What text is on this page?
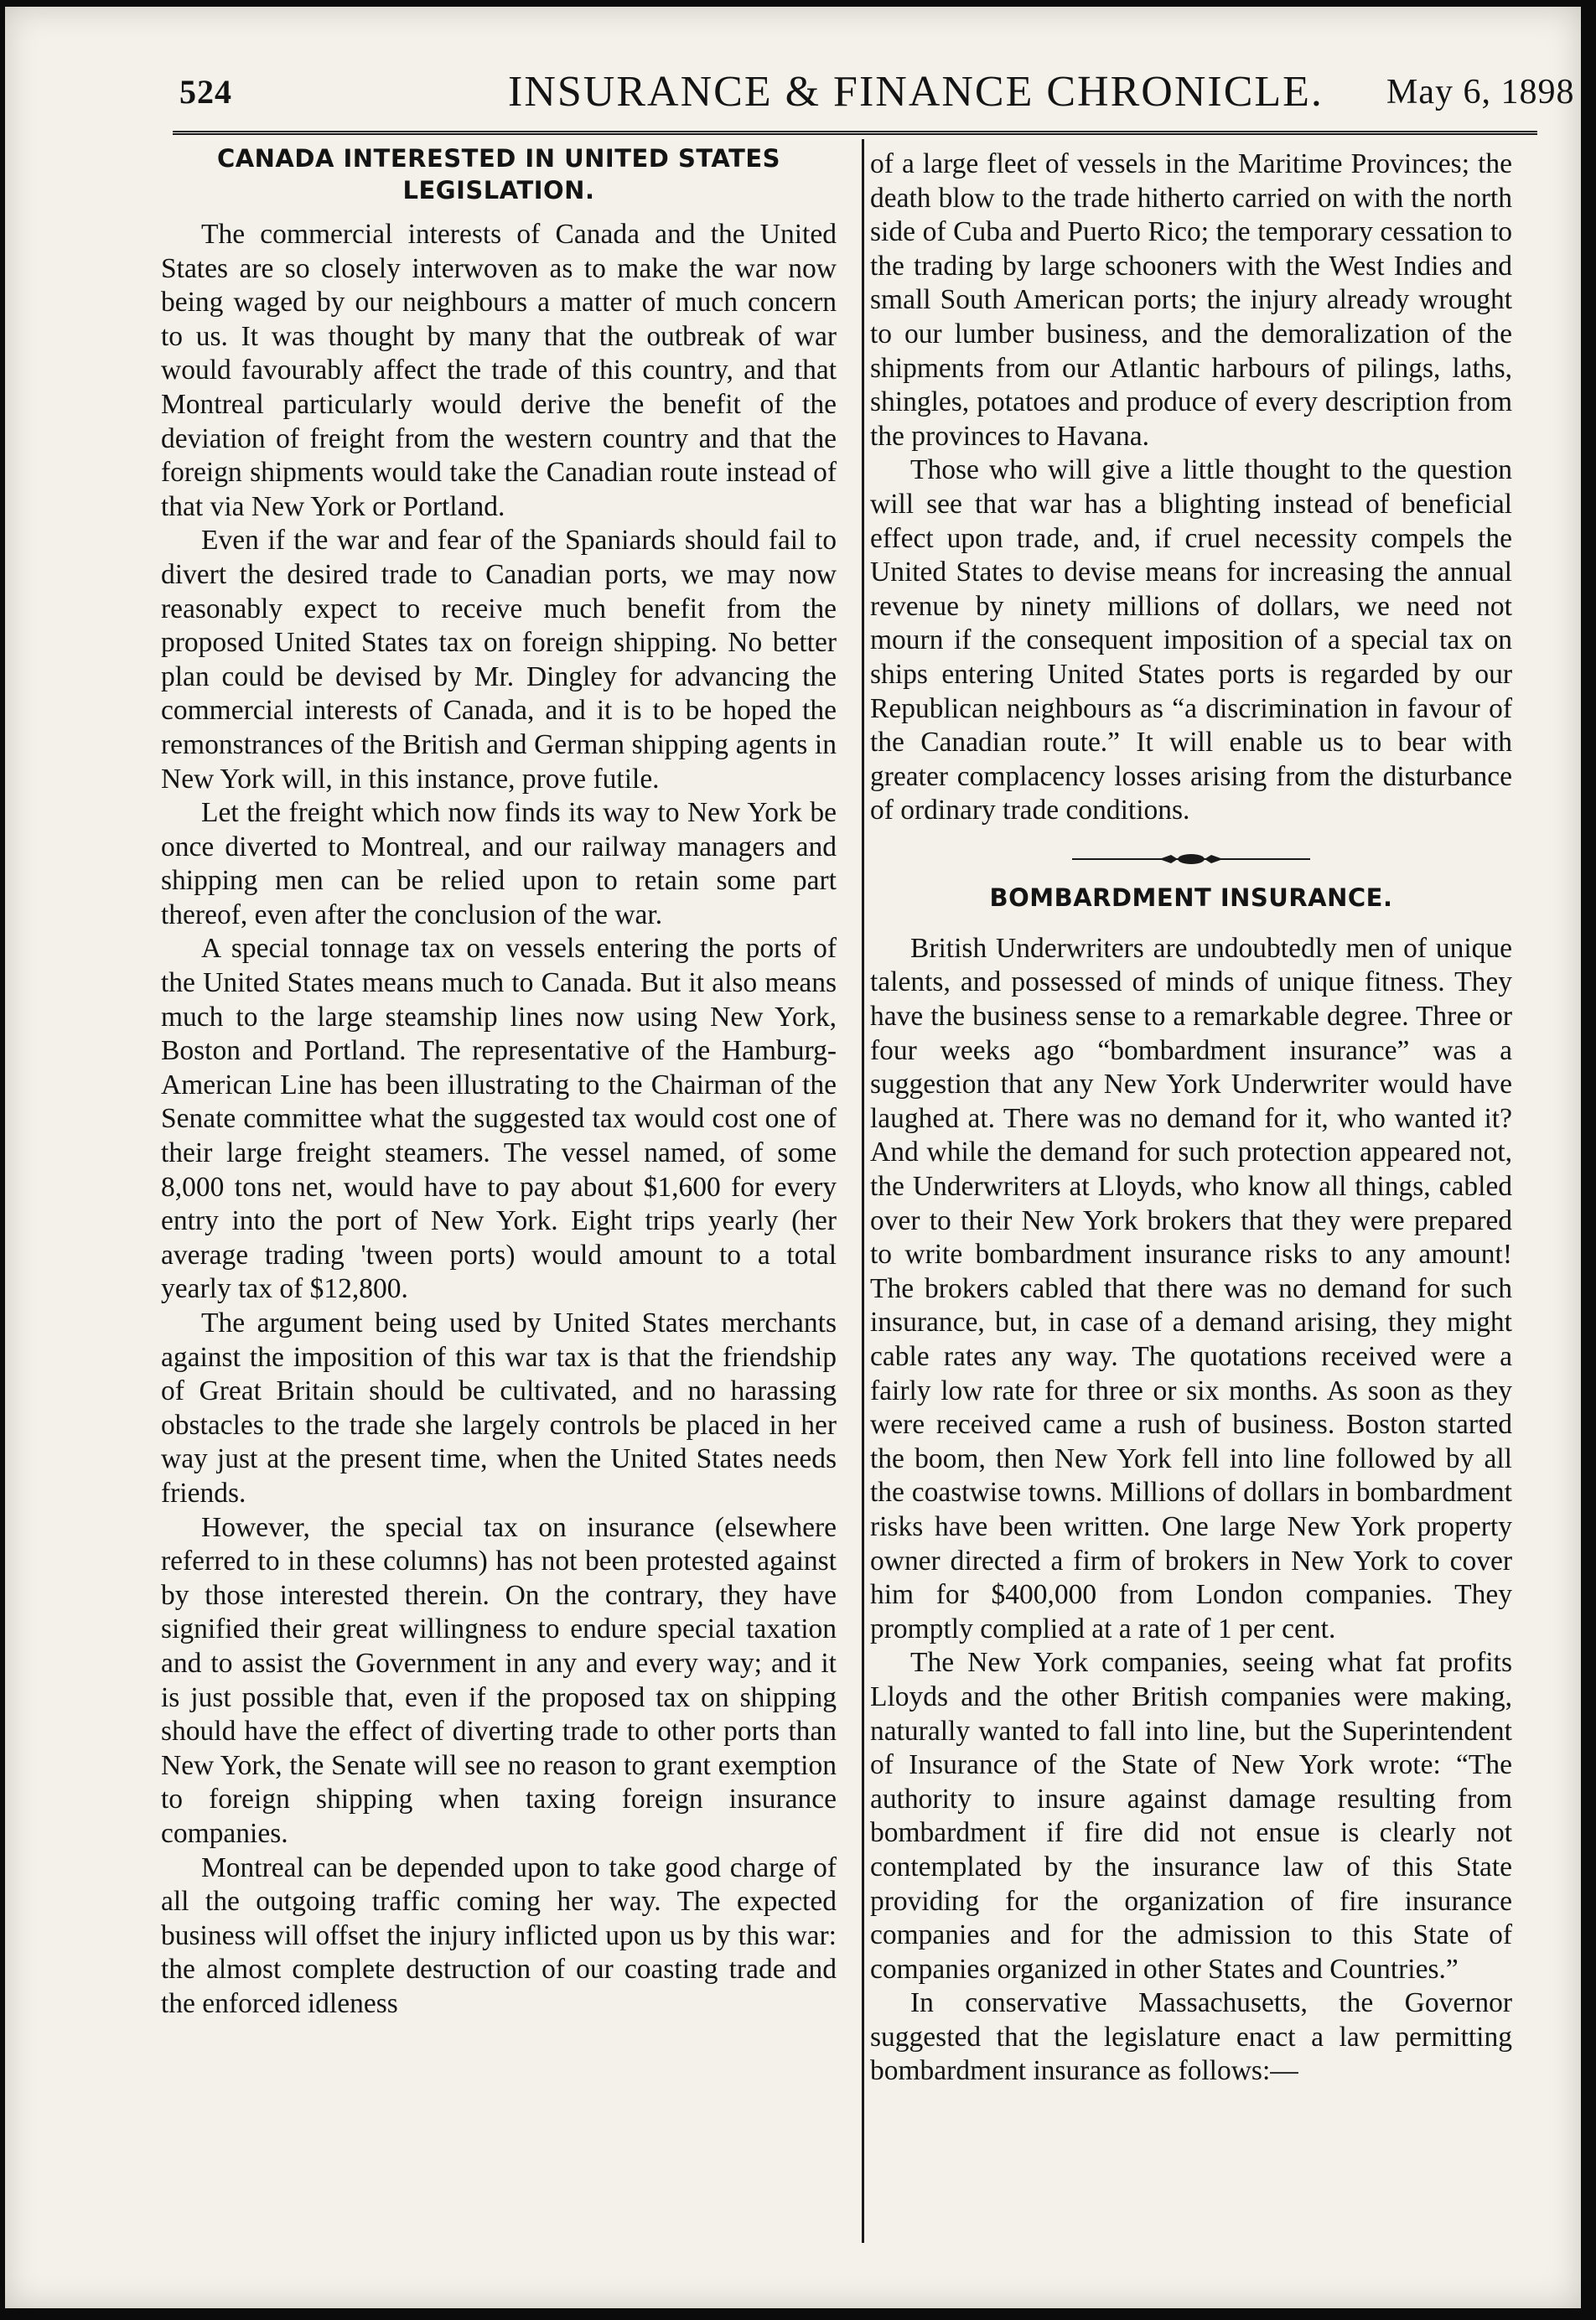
524	INSURANCE & FINANCE CHRONICLE. May 6, 1898
CANADA INTERESTED IN UNITED STATES LEGISLATION.

The commercial interests of Canada and the United States are so closely interwoven as to make the war now being waged by our neighbours a matter of much concern to us. It was thought by many that the outbreak of war would favourably affect the trade of this country, and that Montreal particularly would derive the benefit of the deviation of freight from the western country and that the foreign shipments would take the Canadian route instead of that via New York or Portland.

Even if the war and fear of the Spaniards should fail to divert the desired trade to Canadian ports, we may now reasonably expect to receive much benefit from the proposed United States tax on foreign shipping. No better plan could be devised by Mr. Dingley for advancing the commercial interests of Canada, and it is to be hoped the remonstrances of the British and German shipping agents in New York will, in this instance, prove futile.

Let the freight which now finds its way to New York be once diverted to Montreal, and our railway managers and shipping men can be relied upon to retain some part thereof, even after the conclusion of the war.

A special tonnage tax on vessels entering the ports of the United States means much to Canada. But it also means much to the large steamship lines now using New York, Boston and Portland. The representative of the Hamburg-American Line has been illustrating to the Chairman of the Senate committee what the suggested tax would cost one of their large freight steamers. The vessel named, of some 8,000 tons net, would have to pay about $1,600 for every entry into the port of New York. Eight trips yearly (her average trading 'tween ports) would amount to a total yearly tax of $12,800.

The argument being used by United States merchants against the imposition of this war tax is that the friendship of Great Britain should be cultivated, and no harassing obstacles to the trade she largely controls be placed in her way just at the present time, when the United States needs friends.

However, the special tax on insurance (elsewhere referred to in these columns) has not been protested against by those interested therein. On the contrary, they have signified their great willingness to endure special taxation and to assist the Government in any and every way; and it is just possible that, even if the proposed tax on shipping should have the effect of diverting trade to other ports than New York, the Senate will see no reason to grant exemption to foreign shipping when taxing foreign insurance companies.

Montreal can be depended upon to take good charge of all the outgoing traffic coming her way. The expected business will offset the injury inflicted upon us by this war: the almost complete destruction of our coasting trade and the enforced idleness

of a large fleet of vessels in the Maritime Provinces; the death blow to the trade hitherto carried on with the north side of Cuba and Puerto Rico; the temporary cessation to the trading by large schooners with the West Indies and small South American ports; the injury already wrought to our lumber business, and the demoralization of the shipments from our Atlantic harbours of pilings, laths, shingles, potatoes and produce of every description from the provinces to Havana.

Those who will give a little thought to the question will see that war has a blighting instead of beneficial effect upon trade, and, if cruel necessity compels the United States to devise means for increasing the annual revenue by ninety millions of dollars, we need not mourn if the consequent imposition of a special tax on ships entering United States ports is regarded by our Republican neighbours as “a discrimination in favour of the Canadian route.” It will enable us to bear with greater complacency losses arising from the disturbance of ordinary trade conditions.

BOMBARDMENT INSURANCE.

British Underwriters are undoubtedly men of unique talents, and possessed of minds of unique fitness. They have the business sense to a remarkable degree. Three or four weeks ago “bombardment insurance” was a suggestion that any New York Underwriter would have laughed at. There was no demand for it, who wanted it? And while the demand for such protection appeared not, the Underwriters at Lloyds, who know all things, cabled over to their New York brokers that they were prepared to write bombardment insurance risks to any amount! The brokers cabled that there was no demand for such insurance, but, in case of a demand arising, they might cable rates any way. The quotations received were a fairly low rate for three or six months. As soon as they were received came a rush of business. Boston started the boom, then New York fell into line followed by all the coastwise towns. Millions of dollars in bombardment risks have been written. One large New York property owner directed a firm of brokers in New York to cover him for $400,000 from London companies. They promptly complied at a rate of 1 per cent.

The New York companies, seeing what fat profits Lloyds and the other British companies were making, naturally wanted to fall into line, but the Superintendent of Insurance of the State of New York wrote: “The authority to insure against damage resulting from bombardment if fire did not ensue is clearly not contemplated by the insurance law of this State providing for the organization of fire insurance companies and for the admission to this State of companies organized in other States and Countries.”

In conservative Massachusetts, the Governor suggested that the legislature enact a law permitting bombardment insurance as follows:—
